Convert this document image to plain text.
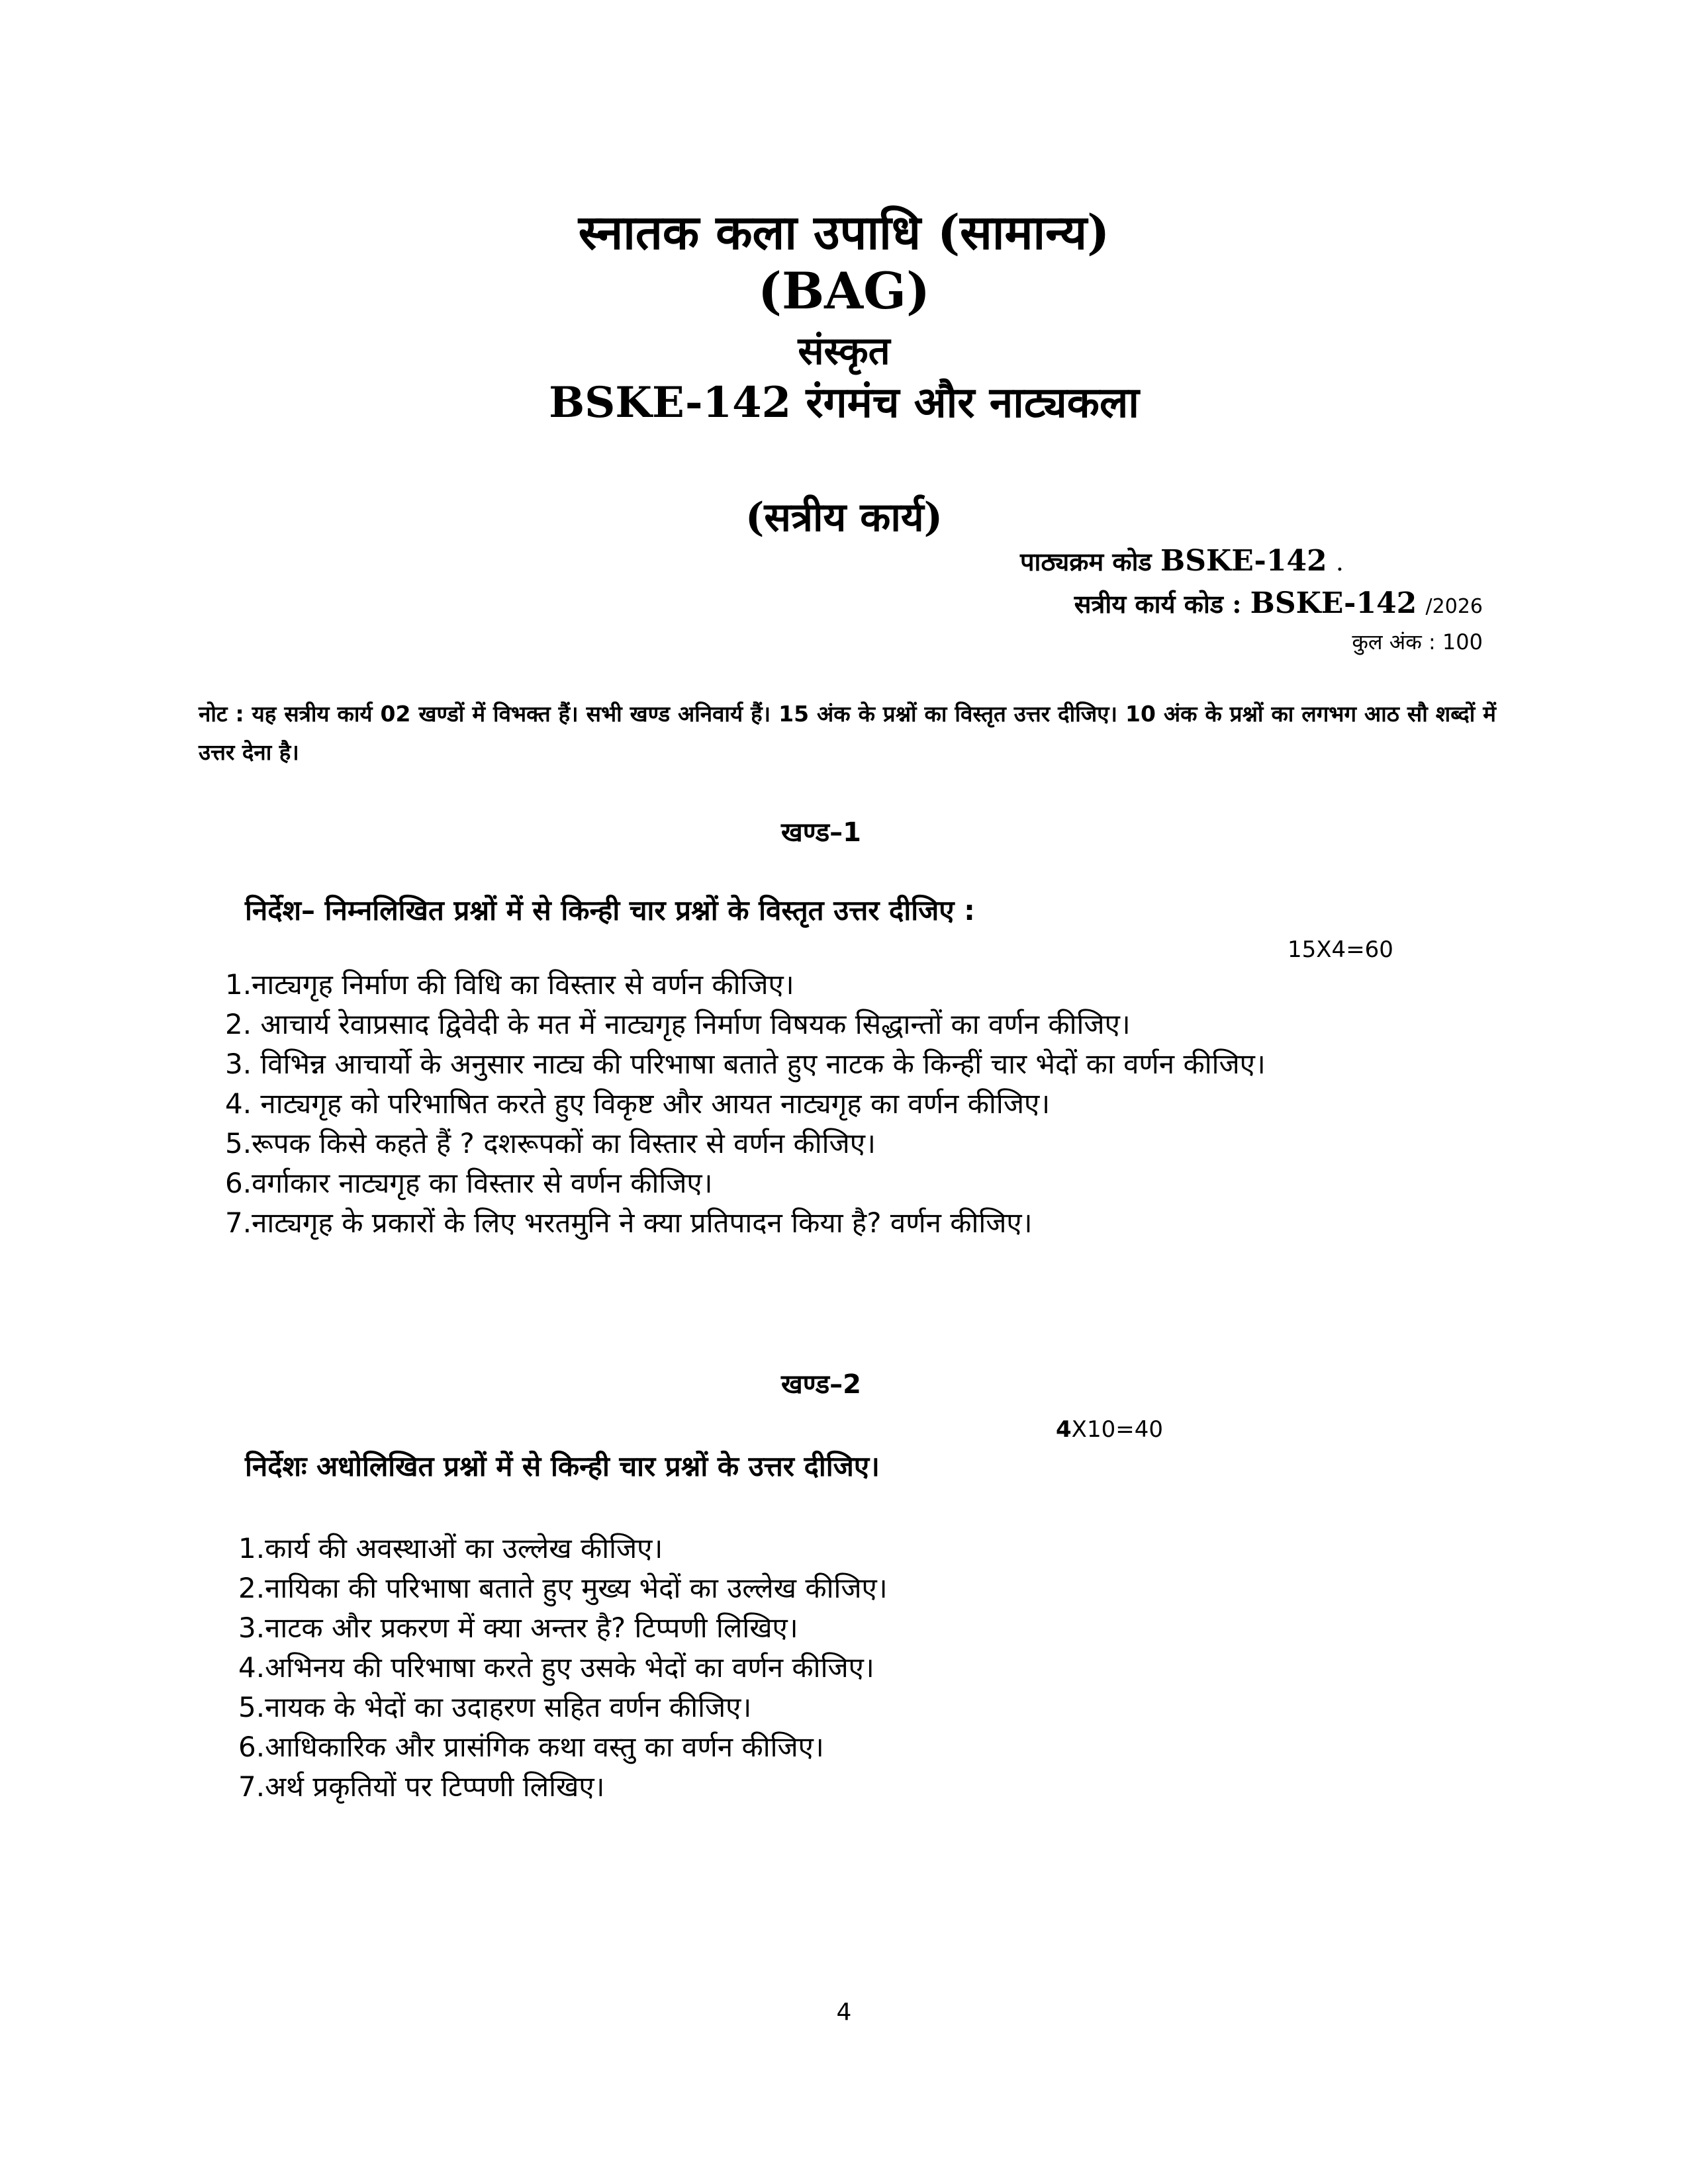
स्नातक कला उपाधि (सामान्य)
(BAG)
संस्कृत
BSKE-142 रंगमंच और नाट्यकला
(सत्रीय कार्य)
पाठ्यक्रम कोड BSKE-142 .
सत्रीय कार्य कोड : BSKE-142 /2026
कुल अंक : 100
नोट : यह सत्रीय कार्य 02 खण्डों में विभक्त हैं। सभी खण्ड अनिवार्य हैं। 15 अंक के प्रश्नों का विस्तृत उत्तर दीजिए। 10 अंक के प्रश्नों का लगभग आठ सौ शब्दों में उत्तर देना है।
खण्ड–1
निर्देश– निम्नलिखित प्रश्नों में से किन्ही चार प्रश्नों के विस्तृत उत्तर दीजिए :
15X4=60
1.नाट्यगृह निर्माण की विधि का विस्तार से वर्णन कीजिए।
2. आचार्य रेवाप्रसाद द्विवेदी के मत में नाट्यगृह निर्माण विषयक सिद्धान्तों का वर्णन कीजिए।
3. विभिन्न आचार्यो के अनुसार नाट्य की परिभाषा बताते हुए नाटक के किन्हीं चार भेदों का वर्णन कीजिए।
4. नाट्यगृह को परिभाषित करते हुए विकृष्ट और आयत नाट्यगृह का वर्णन कीजिए।
5.रूपक किसे कहते हैं ? दशरूपकों का विस्तार से वर्णन कीजिए।
6.वर्गाकार नाट्यगृह का विस्तार से वर्णन कीजिए।
7.नाट्यगृह के प्रकारों के लिए भरतमुनि ने क्या प्रतिपादन किया है? वर्णन कीजिए।
खण्ड–2
4X10=40
निर्देशः अधोलिखित प्रश्नों में से किन्ही चार प्रश्नों के उत्तर दीजिए।
1.कार्य की अवस्थाओं का उल्लेख कीजिए।
2.नायिका की परिभाषा बताते हुए मुख्य भेदों का उल्लेख कीजिए।
3.नाटक और प्रकरण में क्या अन्तर है? टिप्पणी लिखिए।
4.अभिनय की परिभाषा करते हुए उसके भेदों का वर्णन कीजिए।
5.नायक के भेदों का उदाहरण सहित वर्णन कीजिए।
6.आधिकारिक और प्रासंगिक कथा वस्तु का वर्णन कीजिए।
7.अर्थ प्रकृतियों पर टिप्पणी लिखिए।
4
